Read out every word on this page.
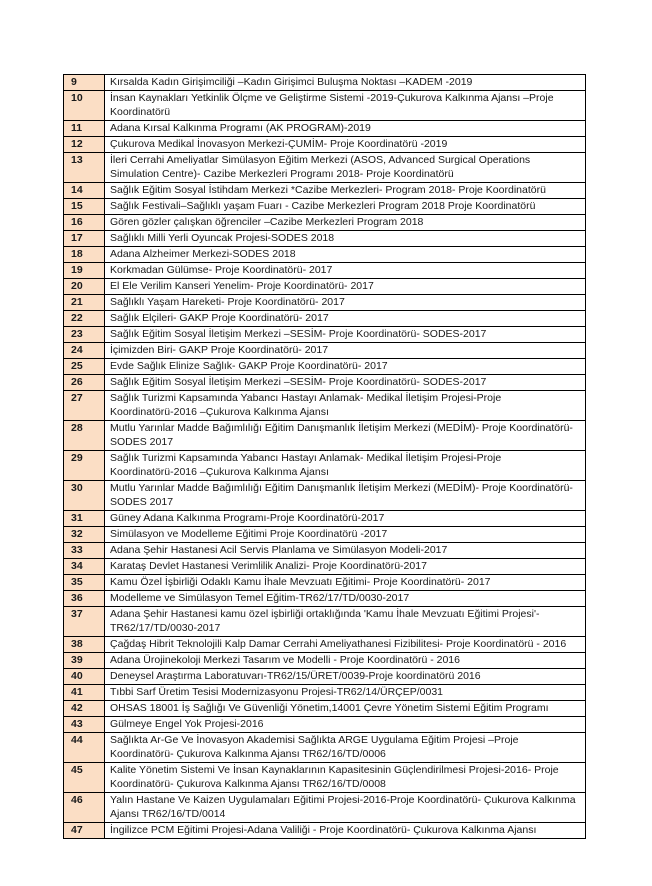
9	Kırsalda Kadın Girişimciliği –Kadın Girişimci Buluşma Noktası –KADEM -2019
10	İnsan Kaynakları Yetkinlik Ölçme ve Geliştirme Sistemi -2019-Çukurova Kalkınma Ajansı –Proje Koordinatörü
11	Adana Kırsal Kalkınma Programı (AK PROGRAM)-2019
12	Çukurova Medikal İnovasyon Merkezi-ÇUMİM- Proje Koordinatörü -2019
13	İleri Cerrahi Ameliyatlar Simülasyon Eğitim Merkezi (ASOS, Advanced Surgical Operations Simulation Centre)- Cazibe Merkezleri Programı 2018- Proje Koordinatörü
14	Sağlık Eğitim Sosyal İstihdam Merkezi *Cazibe Merkezleri- Program 2018- Proje Koordinatörü
15	Sağlık Festivali–Sağlıklı yaşam Fuarı - Cazibe Merkezleri Program 2018 Proje Koordinatörü
16	Gören gözler çalışkan öğrenciler –Cazibe Merkezleri Program 2018
17	Sağlıklı Milli Yerli Oyuncak Projesi-SODES 2018
18	Adana Alzheimer Merkezi-SODES 2018
19	Korkmadan Gülümse- Proje Koordinatörü- 2017
20	El Ele Verilim Kanseri Yenelim- Proje Koordinatörü- 2017
21	Sağlıklı Yaşam Hareketi- Proje Koordinatörü- 2017
22	Sağlık Elçileri- GAKP Proje Koordinatörü- 2017
23	Sağlık Eğitim Sosyal İletişim Merkezi –SESİM- Proje Koordinatörü- SODES-2017
24	İçimizden Biri- GAKP Proje Koordinatörü- 2017
25	Evde Sağlık Elinize Sağlık- GAKP Proje Koordinatörü- 2017
26	Sağlık Eğitim Sosyal İletişim Merkezi –SESİM- Proje Koordinatörü- SODES-2017
27	Sağlık Turizmi Kapsamında Yabancı Hastayı Anlamak- Medikal İletişim Projesi-Proje Koordinatörü-2016 –Çukurova Kalkınma Ajansı
28	Mutlu Yarınlar Madde Bağımlılığı Eğitim Danışmanlık İletişim Merkezi (MEDİM)- Proje Koordinatörü- SODES 2017
29	Sağlık Turizmi Kapsamında Yabancı Hastayı Anlamak- Medikal İletişim Projesi-Proje Koordinatörü-2016 –Çukurova Kalkınma Ajansı
30	Mutlu Yarınlar Madde Bağımlılığı Eğitim Danışmanlık İletişim Merkezi (MEDİM)- Proje Koordinatörü- SODES 2017
31	Güney Adana Kalkınma Programı-Proje Koordinatörü-2017
32	Simülasyon ve Modelleme Eğitimi Proje Koordinatörü -2017
33	Adana Şehir Hastanesi Acil Servis Planlama ve Simülasyon Modeli-2017
34	Karataş Devlet Hastanesi Verimlilik Analizi- Proje Koordinatörü-2017
35	Kamu Özel İşbirliği Odaklı Kamu İhale Mevzuatı Eğitimi- Proje Koordinatörü- 2017
36	Modelleme ve Simülasyon Temel Eğitim-TR62/17/TD/0030-2017
37	Adana Şehir Hastanesi kamu özel işbirliği ortaklığında 'Kamu İhale Mevzuatı Eğitimi Projesi'- TR62/17/TD/0030-2017
38	Çağdaş Hibrit Teknolojili Kalp Damar Cerrahi Ameliyathanesi Fizibilitesi- Proje Koordinatörü - 2016
39	Adana Ürojinekoloji Merkezi Tasarım ve Modelli - Proje Koordinatörü - 2016
40	Deneysel Araştırma Laboratuvarı-TR62/15/ÜRET/0039-Proje koordinatörü 2016
41	Tıbbi Sarf Üretim Tesisi Modernizasyonu Projesi-TR62/14/ÜRÇEP/0031
42	OHSAS 18001 İş Sağlığı Ve Güvenliği Yönetim,14001 Çevre Yönetim Sistemi Eğitim Programı
43	Gülmeye Engel Yok Projesi-2016
44	Sağlıkta Ar-Ge Ve İnovasyon Akademisi Sağlıkta ARGE Uygulama Eğitim Projesi –Proje Koordinatörü- Çukurova Kalkınma Ajansı TR62/16/TD/0006
45	Kalite Yönetim Sistemi Ve İnsan Kaynaklarının Kapasitesinin Güçlendirilmesi Projesi-2016- Proje Koordinatörü- Çukurova Kalkınma Ajansı TR62/16/TD/0008
46	Yalın Hastane Ve Kaizen Uygulamaları Eğitimi Projesi-2016-Proje Koordinatörü- Çukurova Kalkınma Ajansı TR62/16/TD/0014
47	İngilizce PCM Eğitimi Projesi-Adana Valiliği - Proje Koordinatörü- Çukurova Kalkınma Ajansı
